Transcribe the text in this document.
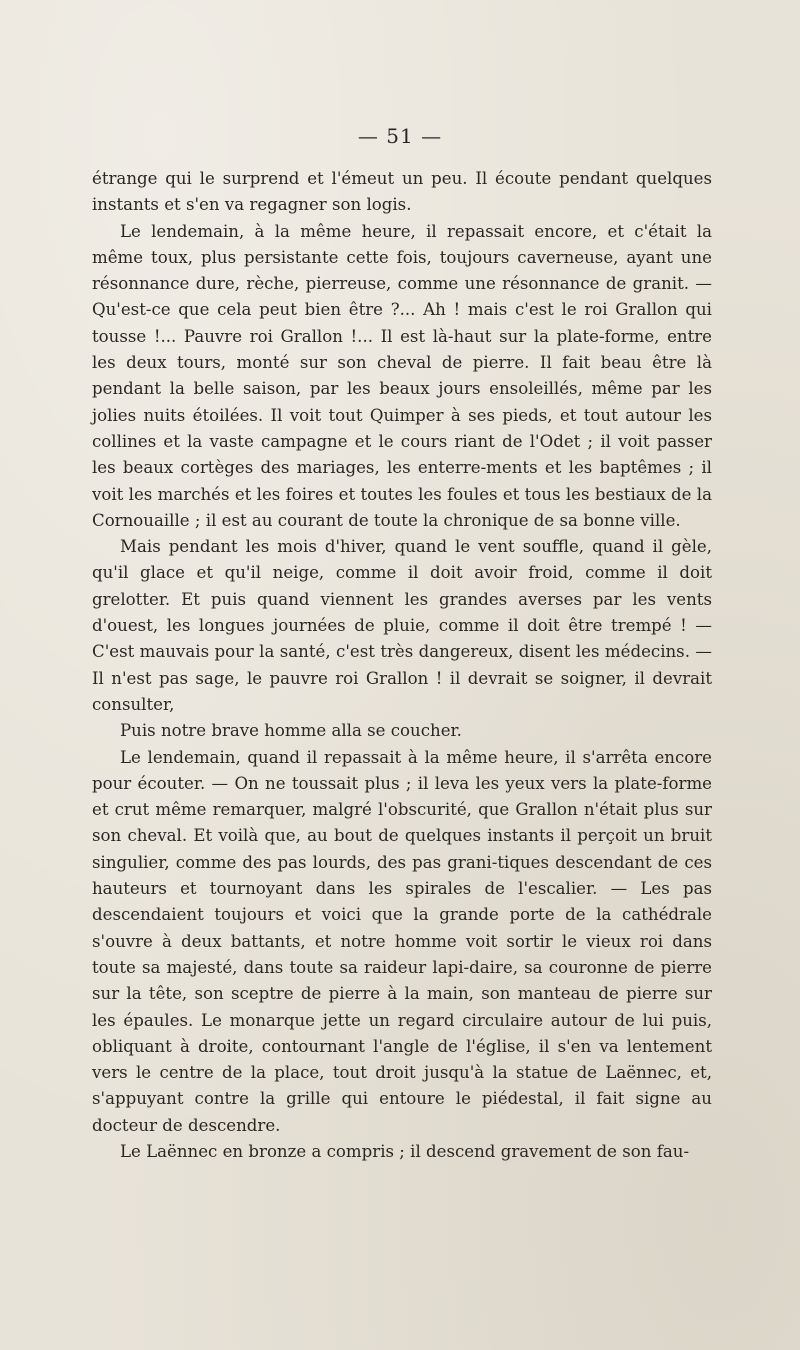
— 51 —

étrange qui le surprend et l'émeut un peu. Il écoute pendant quelques instants et s'en va regagner son logis.

Le lendemain, à la même heure, il repassait encore, et c'était la même toux, plus persistante cette fois, toujours caverneuse, ayant une résonnance dure, rèche, pierreuse, comme une résonnance de granit. — Qu'est-ce que cela peut bien être ?... Ah ! mais c'est le roi Grallon qui tousse !... Pauvre roi Grallon !... Il est là-haut sur la plate-forme, entre les deux tours, monté sur son cheval de pierre. Il fait beau être là pendant la belle saison, par les beaux jours ensoleillés, même par les jolies nuits étoilées. Il voit tout Quimper à ses pieds, et tout autour les collines et la vaste campagne et le cours riant de l'Odet ; il voit passer les beaux cortèges des mariages, les enterre-ments et les baptêmes ; il voit les marchés et les foires et toutes les foules et tous les bestiaux de la Cornouaille ; il est au courant de toute la chronique de sa bonne ville.

Mais pendant les mois d'hiver, quand le vent souffle, quand il gèle, qu'il glace et qu'il neige, comme il doit avoir froid, comme il doit grelotter. Et puis quand viennent les grandes averses par les vents d'ouest, les longues journées de pluie, comme il doit être trempé ! — C'est mauvais pour la santé, c'est très dangereux, disent les médecins. — Il n'est pas sage, le pauvre roi Grallon ! il devrait se soigner, il devrait consulter,

Puis notre brave homme alla se coucher.

Le lendemain, quand il repassait à la même heure, il s'arrêta encore pour écouter. — On ne toussait plus ; il leva les yeux vers la plate-forme et crut même remarquer, malgré l'obscurité, que Grallon n'était plus sur son cheval. Et voilà que, au bout de quelques instants il perçoit un bruit singulier, comme des pas lourds, des pas grani-tiques descendant de ces hauteurs et tournoyant dans les spirales de l'escalier. — Les pas descendaient toujours et voici que la grande porte de la cathédrale s'ouvre à deux battants, et notre homme voit sortir le vieux roi dans toute sa majesté, dans toute sa raideur lapi-daire, sa couronne de pierre sur la tête, son sceptre de pierre à la main, son manteau de pierre sur les épaules. Le monarque jette un regard circulaire autour de lui puis, obliquant à droite, contournant l'angle de l'église, il s'en va lentement vers le centre de la place, tout droit jusqu'à la statue de Laënnec, et, s'appuyant contre la grille qui entoure le piédestal, il fait signe au docteur de descendre.

Le Laënnec en bronze a compris ; il descend gravement de son fau-
